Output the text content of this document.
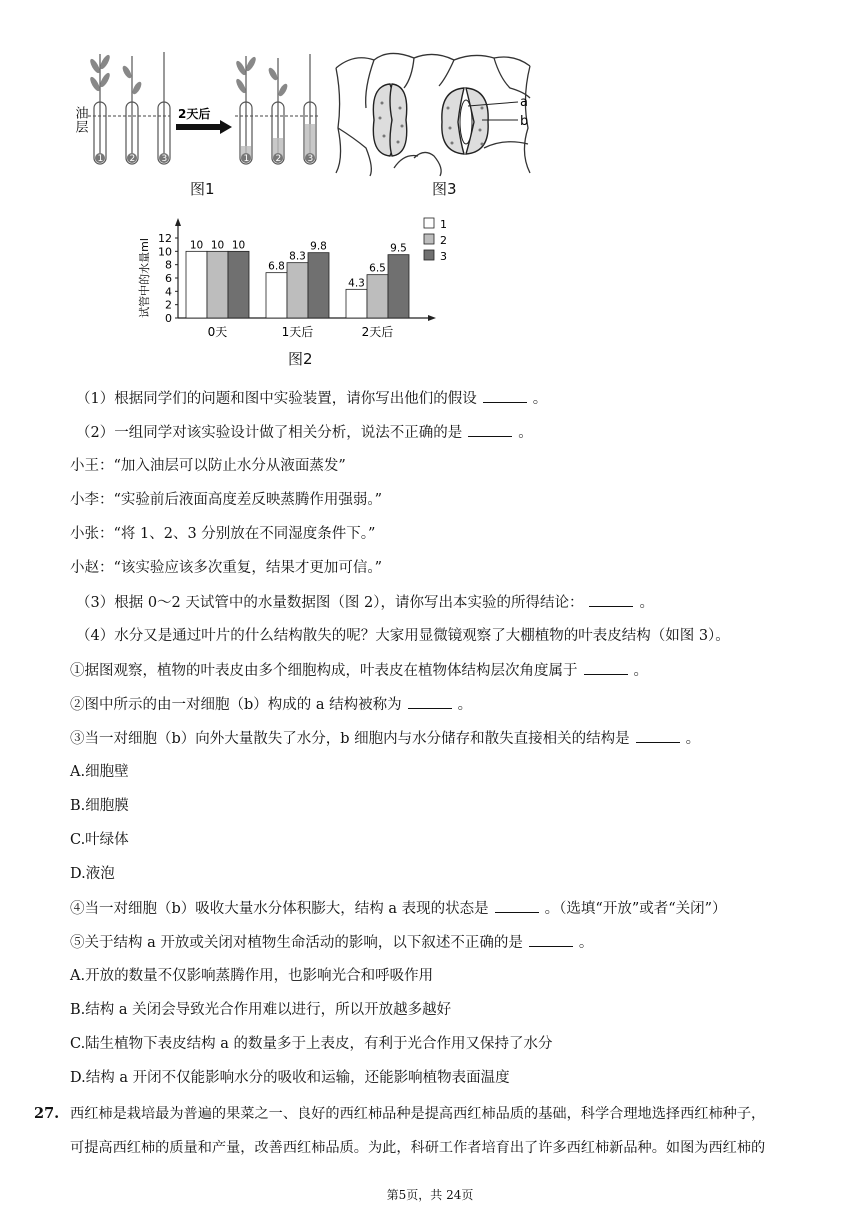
油层
1	2	3
2天后
1	2	3
图1
a
b
图3
试管中的水量ml
0
2
4
6
8
10
12
10 10 10
0天
6.8
8.3
9.8
1天后
4.3
6.5
9.5
2天后
1
2
3
图2
（1）根据同学们的问题和图中实验装置，请你写出他们的假设	。
（2）一组同学对该实验设计做了相关分析，说法不正确的是	。
小王：“加入油层可以防止水分从液面蒸发”
小李：“实验前后液面高度差反映蒸腾作用强弱。”
小张：“将 1、2、3 分别放在不同湿度条件下。”
小赵：“该实验应该多次重复，结果才更加可信。”
（3）根据 0～2 天试管中的水量数据图（图 2），请你写出本实验的所得结论：	。
（4）水分又是通过叶片的什么结构散失的呢？大家用显微镜观察了大棚植物的叶表皮结构（如图 3）。
①据图观察，植物的叶表皮由多个细胞构成，叶表皮在植物体结构层次角度属于	。
②图中所示的由一对细胞（b）构成的 a 结构被称为	。
③当一对细胞（b）向外大量散失了水分，b 细胞内与水分储存和散失直接相关的结构是	。
A.细胞壁
B.细胞膜
C.叶绿体
D.液泡
④当一对细胞（b）吸收大量水分体积膨大，结构 a 表现的状态是	。（选填“开放”或者“关闭”）
⑤关于结构 a 开放或关闭对植物生命活动的影响，以下叙述不正确的是	。
A.开放的数量不仅影响蒸腾作用，也影响光合和呼吸作用
B.结构 a 关闭会导致光合作用难以进行，所以开放越多越好
C.陆生植物下表皮结构 a 的数量多于上表皮，有利于光合作用又保持了水分
D.结构 a 开闭不仅能影响水分的吸收和运输，还能影响植物表面温度
27. 西红柿是栽培最为普遍的果菜之一、良好的西红柿品种是提高西红柿品质的基础，科学合理地选择西红柿种子，
可提高西红柿的质量和产量，改善西红柿品质。为此，科研工作者培育出了许多西红柿新品种。如图为西红柿的
第5页，共 24页
